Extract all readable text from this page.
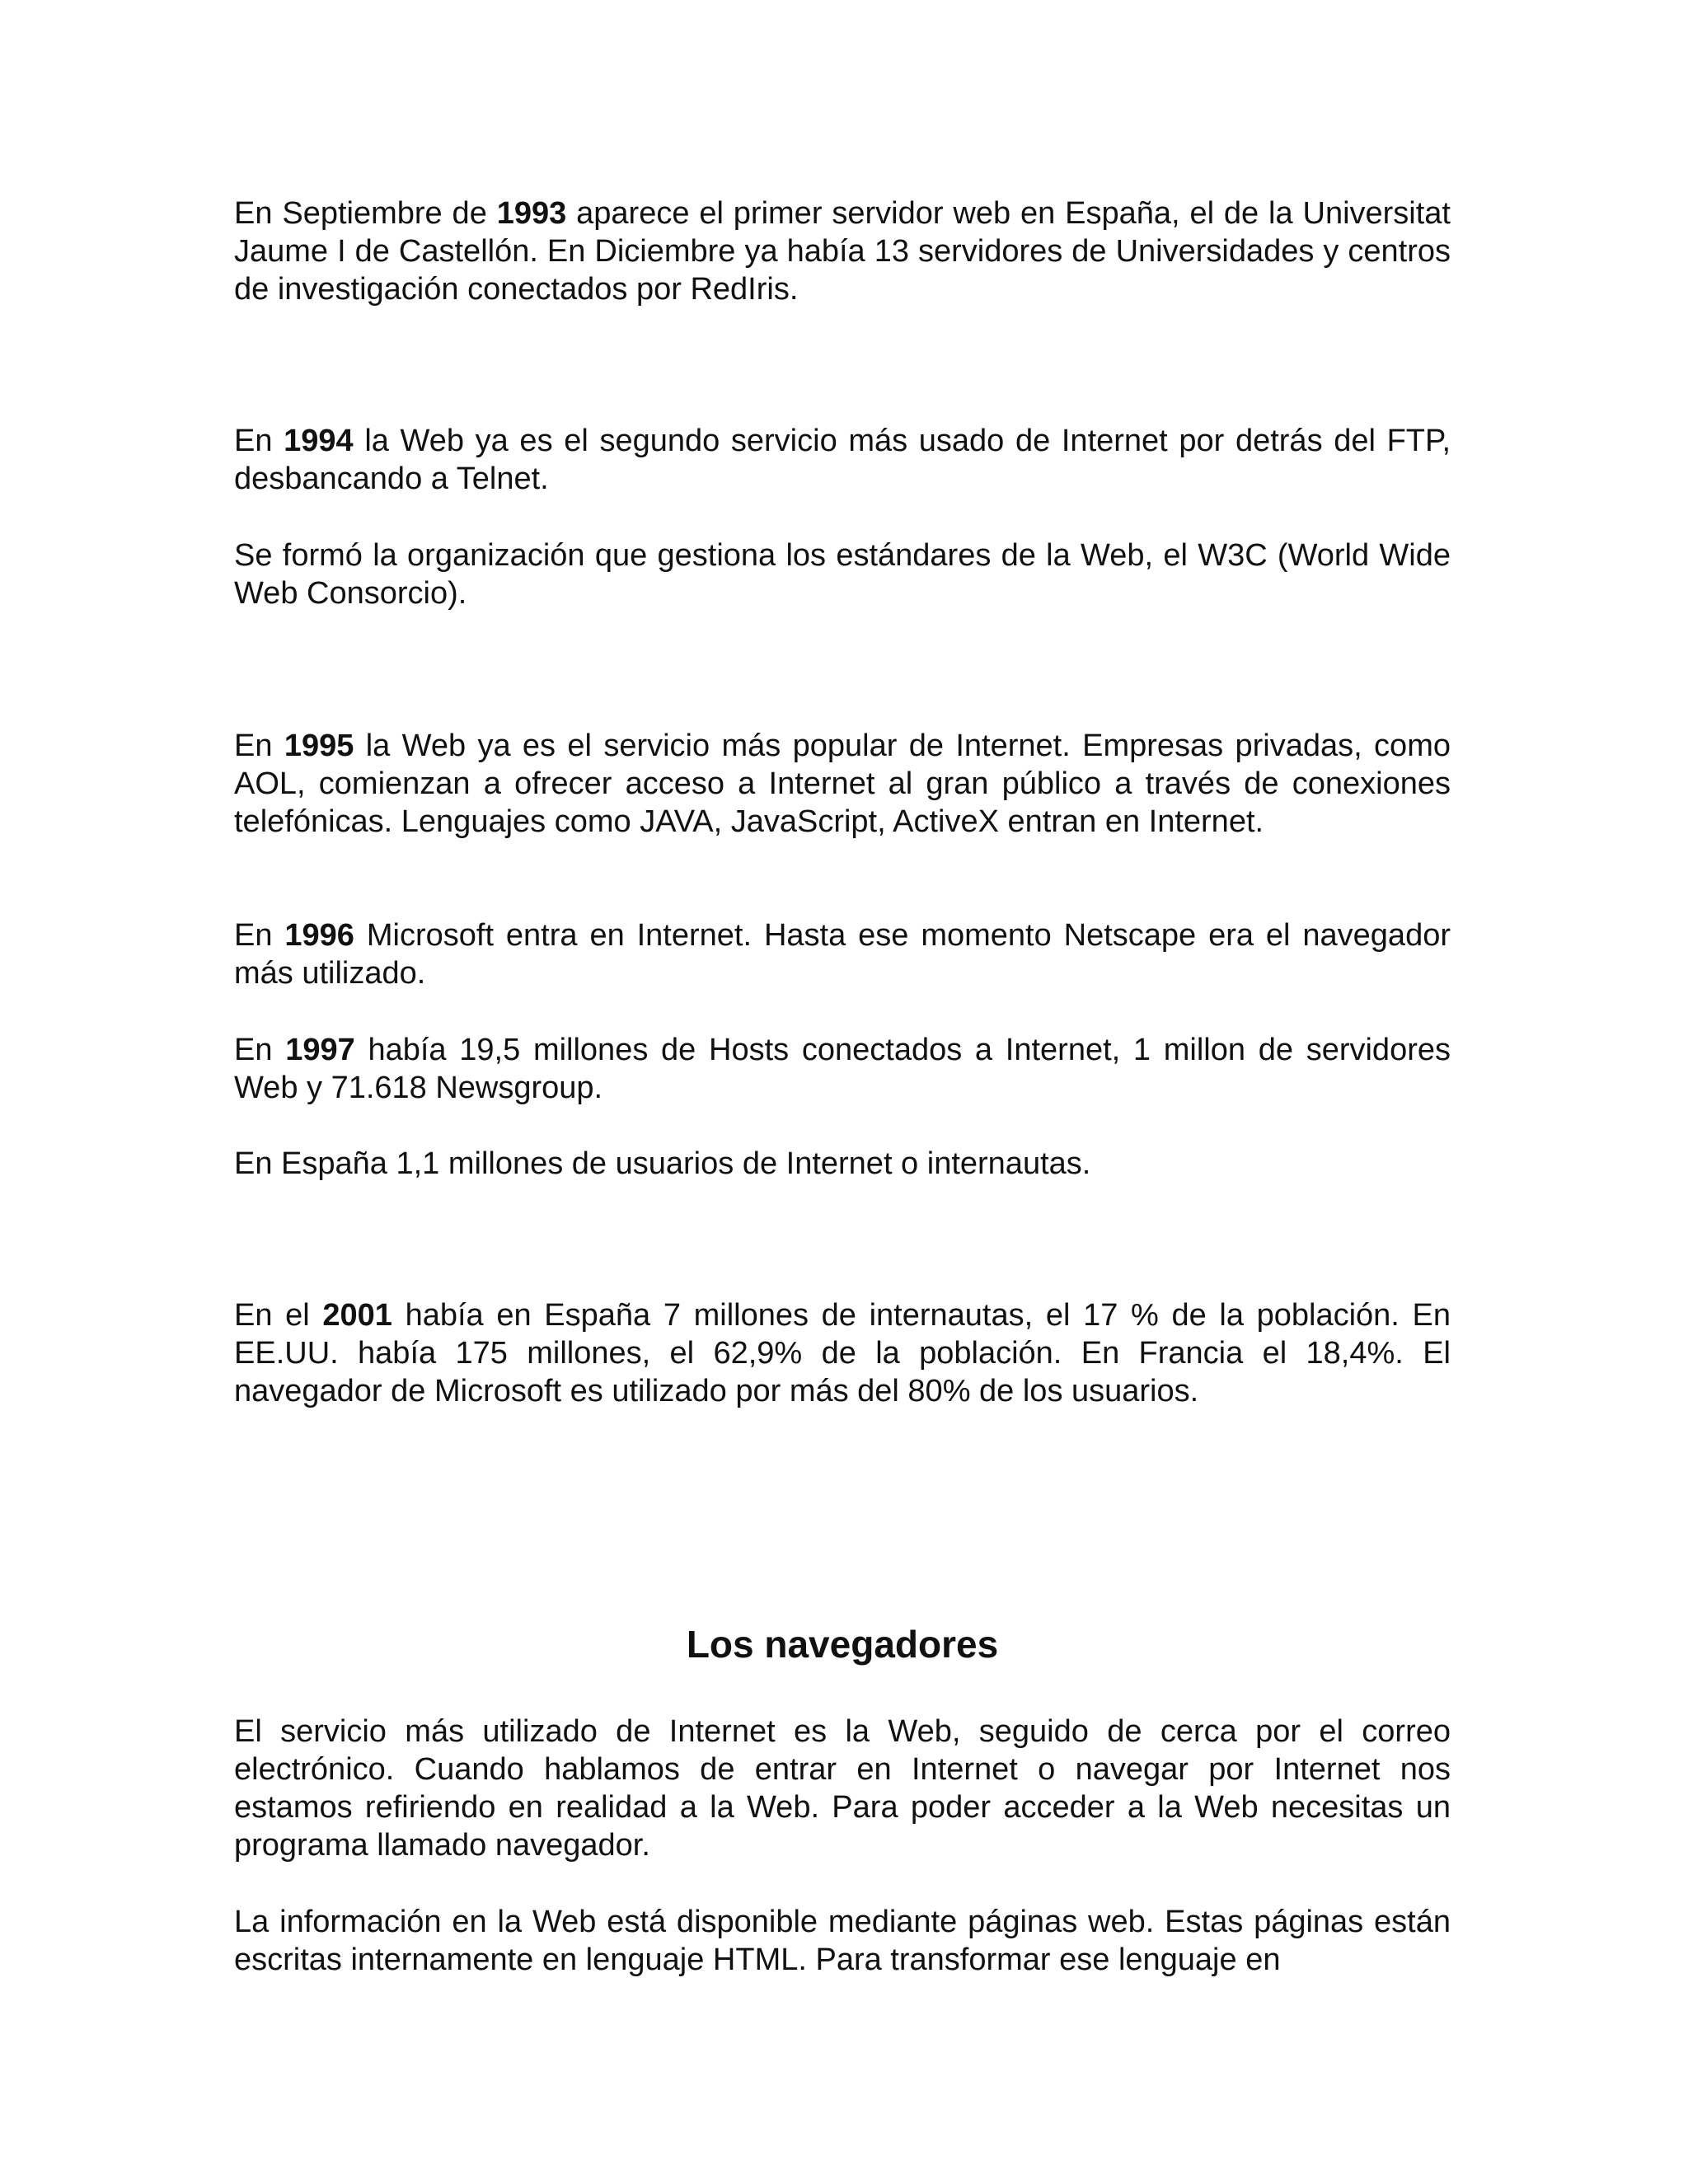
En Septiembre de 1993 aparece el primer servidor web en España, el de la Universitat Jaume I de Castellón. En Diciembre ya había 13 servidores de Universidades y centros de investigación conectados por RedIris.

En 1994 la Web ya es el segundo servicio más usado de Internet por detrás del FTP, desbancando a Telnet.

Se formó la organización que gestiona los estándares de la Web, el W3C (World Wide Web Consorcio).

En 1995 la Web ya es el servicio más popular de Internet. Empresas privadas, como AOL, comienzan a ofrecer acceso a Internet al gran público a través de conexiones telefónicas. Lenguajes como JAVA, JavaScript, ActiveX entran en Internet.

En 1996 Microsoft entra en Internet. Hasta ese momento Netscape era el navegador más utilizado.

En 1997 había 19,5 millones de Hosts conectados a Internet, 1 millon de servidores Web y 71.618 Newsgroup.

En España 1,1 millones de usuarios de Internet o internautas.

En el 2001 había en España 7 millones de internautas, el 17 % de la población. En EE.UU. había 175 millones, el 62,9% de la población. En Francia el 18,4%. El navegador de Microsoft es utilizado por más del 80% de los usuarios.

Los navegadores

El servicio más utilizado de Internet es la Web, seguido de cerca por el correo electrónico. Cuando hablamos de entrar en Internet o navegar por Internet nos estamos refiriendo en realidad a la Web. Para poder acceder a la Web necesitas un programa llamado navegador.

La información en la Web está disponible mediante páginas web. Estas páginas están escritas internamente en lenguaje HTML. Para transformar ese lenguaje en
